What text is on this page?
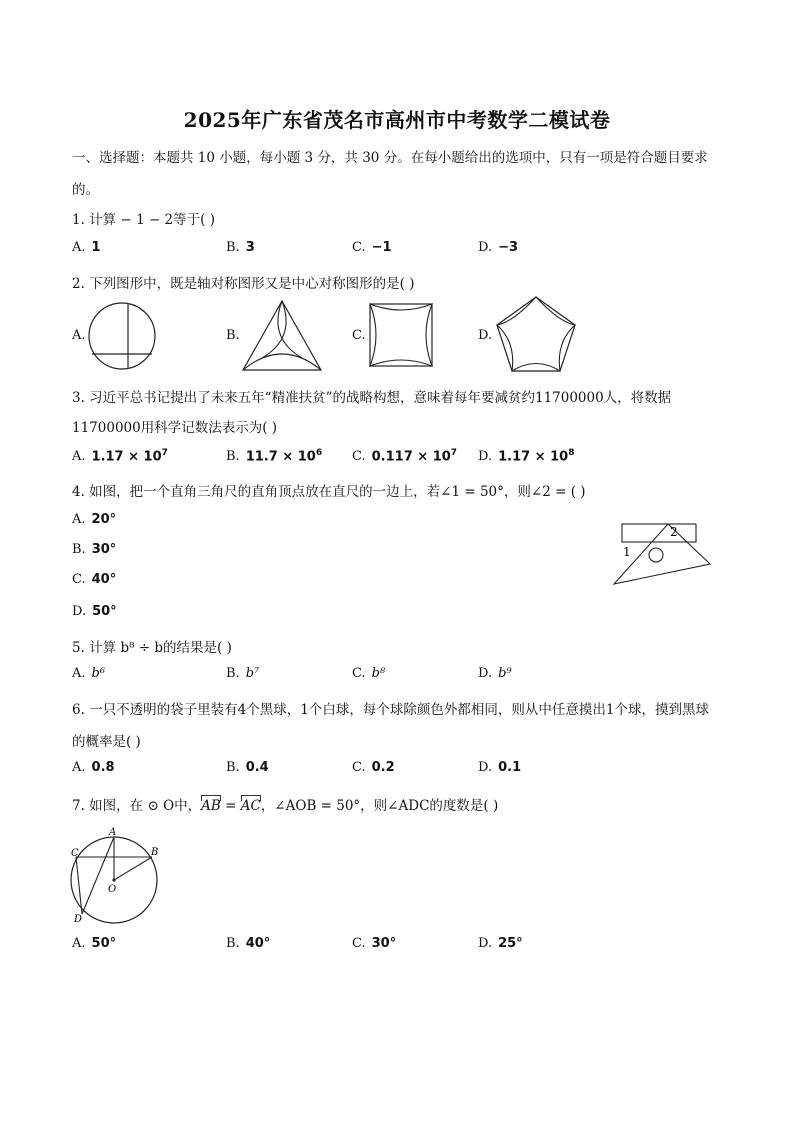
2025年广东省茂名市高州市中考数学二模试卷
一、选择题：本题共 10 小题，每小题 3 分，共 30 分。在每小题给出的选项中，只有一项是符合题目要求
的。
1. 计算 − 1 − 2等于( )
A. 1	B. 3	C. −1	D. −3
2. 下列图形中，既是轴对称图形又是中心对称图形的是( )
A.	B.	C.	D.
3. 习近平总书记提出了未来五年“精准扶贫”的战略构想，意味着每年要减贫约11700000人，将数据
11700000用科学记数法表示为( )
A. $1.17 \times 10^7$	B. $11.7 \times 10^6$ C. $0.117 \times 10^7$ D. $1.17 \times 10^8$
4. 如图，把一个直角三角尺的直角顶点放在直尺的一边上，若∠1 = 50°，则∠2 = ( )
A. 20°
B. 30°
C. 40°
D. 50°
1
2
5. 计算 b⁸ ÷ b的结果是( )
A. b⁶	B. b⁷	C. b⁸	D. b⁹
6. 一只不透明的袋子里装有4个黑球，1个白球，每个球除颜色外都相同，则从中任意摸出1个球，摸到黑球
的概率是( )
A. 0.8	B. 0.4	C. 0.2	D. 0.1
7. 如图，在 ⊙ O中，AB = AC，∠AOB = 50°，则∠ADC的度数是( )
A
B
C
D
O
A. 50°	B. 40°	C. 30°	D. 25°
